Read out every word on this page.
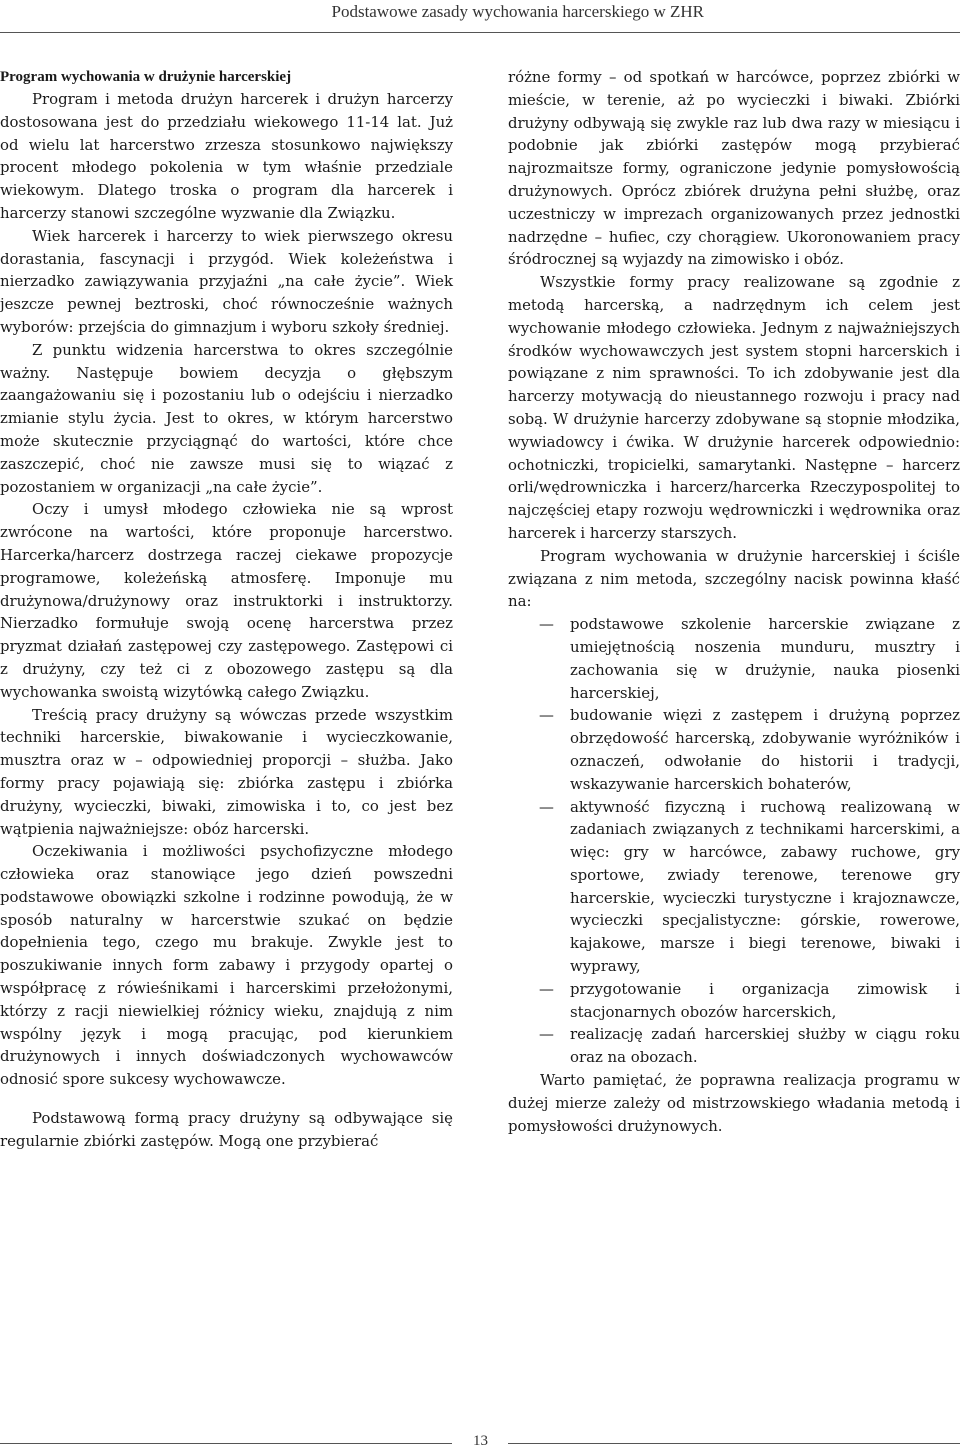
Podstawowe zasady wychowania harcerskiego w ZHR
Program wychowania w drużynie harcerskiej

Program i metoda drużyn harcerek i drużyn harcerzy dostosowana jest do przedziału wiekowego 11-14 lat. Już od wielu lat harcerstwo zrzesza stosunkowo największy procent młodego pokolenia w tym właśnie przedziale wiekowym. Dlatego troska o program dla harcerek i harcerzy stanowi szczególne wyzwanie dla Związku.

Wiek harcerek i harcerzy to wiek pierwszego okresu dorastania, fascynacji i przygód. Wiek koleżeństwa i nierzadko zawiązywania przyjaźni „na całe życie”. Wiek jeszcze pewnej beztroski, choć równocześnie ważnych wyborów: przejścia do gimnazjum i wyboru szkoły średniej.

Z punktu widzenia harcerstwa to okres szczególnie ważny. Następuje bowiem decyzja o głębszym zaangażowaniu się i pozostaniu lub o odejściu i nierzadko zmianie stylu życia. Jest to okres, w którym harcerstwo może skutecznie przyciągnąć do wartości, które chce zaszczepić, choć nie zawsze musi się to wiązać z pozostaniem w organizacji „na całe życie”.

Oczy i umysł młodego człowieka nie są wprost zwrócone na wartości, które proponuje harcerstwo. Harcerka/harcerz dostrzega raczej ciekawe propozycje programowe, koleżeńską atmosferę. Imponuje mu drużynowa/drużynowy oraz instruktorki i instruktorzy. Nierzadko formułuje swoją ocenę harcerstwa przez pryzmat działań zastępowej czy zastępowego. Zastępowi ci z drużyny, czy też ci z obozowego zastępu są dla wychowanka swoistą wizytówką całego Związku.

Treścią pracy drużyny są wówczas przede wszystkim techniki harcerskie, biwakowanie i wycieczkowanie, musztra oraz w – odpowiedniej proporcji – służba. Jako formy pracy pojawiają się: zbiórka zastępu i zbiórka drużyny, wycieczki, biwaki, zimowiska i to, co jest bez wątpienia najważniejsze: obóz harcerski.

Oczekiwania i możliwości psychofizyczne młodego człowieka oraz stanowiące jego dzień powszedni podstawowe obowiązki szkolne i rodzinne powodują, że w sposób naturalny w harcerstwie szukać on będzie dopełnienia tego, czego mu brakuje. Zwykle jest to poszukiwanie innych form zabawy i przygody opartej o współpracę z rówieśnikami i harcerskimi przełożonymi, którzy z racji niewielkiej różnicy wieku, znajdują z nim wspólny język i mogą pracując, pod kierunkiem drużynowych i innych doświadczonych wychowawców odnosić spore sukcesy wychowawcze.

Podstawową formą pracy drużyny są odbywające się regularnie zbiórki zastępów. Mogą one przybierać

różne formy – od spotkań w harcówce, poprzez zbiórki w mieście, w terenie, aż po wycieczki i biwaki. Zbiórki drużyny odbywają się zwykle raz lub dwa razy w miesiącu i podobnie jak zbiórki zastępów mogą przybierać najrozmaitsze formy, ograniczone jedynie pomysłowością drużynowych. Oprócz zbiórek drużyna pełni służbę, oraz uczestniczy w imprezach organizowanych przez jednostki nadrzędne – hufiec, czy chorągiew. Ukoronowaniem pracy śródrocznej są wyjazdy na zimowisko i obóz.

Wszystkie formy pracy realizowane są zgodnie z metodą harcerską, a nadrzędnym ich celem jest wychowanie młodego człowieka. Jednym z najważniejszych środków wychowawczych jest system stopni harcerskich i powiązane z nim sprawności. To ich zdobywanie jest dla harcerzy motywacją do nieustannego rozwoju i pracy nad sobą. W drużynie harcerzy zdobywane są stopnie młodzika, wywiadowcy i ćwika. W drużynie harcerek odpowiednio: ochotniczki, tropicielki, samarytanki. Następne – harcerz orli/wędrowniczka i harcerz/harcerka Rzeczypospolitej to najczęściej etapy rozwoju wędrowniczki i wędrownika oraz harcerek i harcerzy starszych.

Program wychowania w drużynie harcerskiej i ściśle związana z nim metoda, szczególny nacisk powinna kłaść na:

—	podstawowe szkolenie harcerskie związane z umiejętnością noszenia munduru, musztry i zachowania się w drużynie, nauka piosenki harcerskiej,
—	budowanie więzi z zastępem i drużyną poprzez obrzędowość harcerską, zdobywanie wyróżników i oznaczeń, odwołanie do historii i tradycji, wskazywanie harcerskich bohaterów,
—	aktywność fizyczną i ruchową realizowaną w zadaniach związanych z technikami harcerskimi, a więc: gry w harcówce, zabawy ruchowe, gry sportowe, zwiady terenowe, terenowe gry harcerskie, wycieczki turystyczne i krajoznawcze, wycieczki specjalistyczne: górskie, rowerowe, kajakowe, marsze i biegi terenowe, biwaki i wyprawy,
—	przygotowanie i organizacja zimowisk i stacjonarnych obozów harcerskich,
—	realizację zadań harcerskiej służby w ciągu roku oraz na obozach.

Warto pamiętać, że poprawna realizacja programu w dużej mierze zależy od mistrzowskiego władania metodą i pomysłowości drużynowych.

13
